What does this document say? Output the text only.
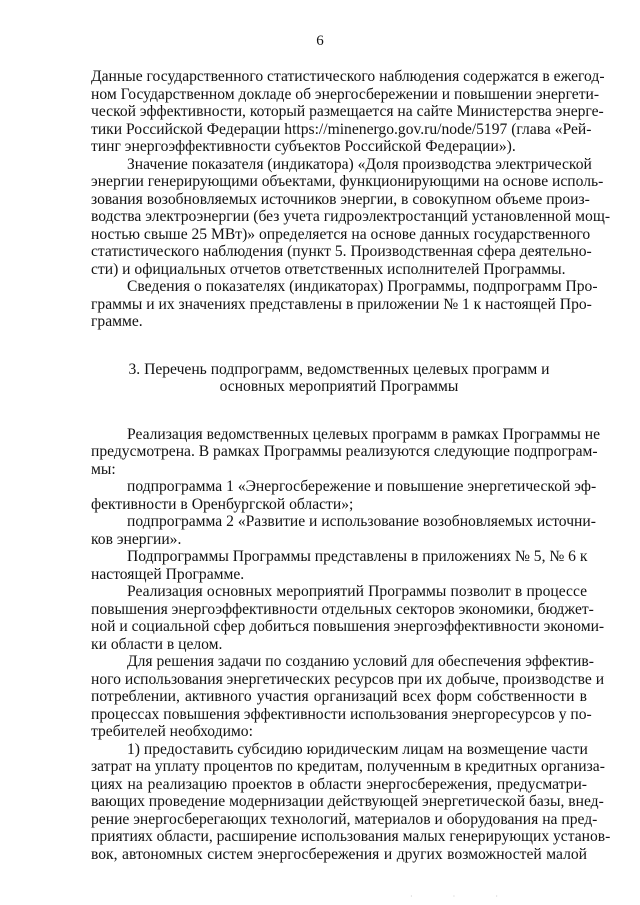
6

Данные государственного статистического наблюдения содержатся в ежегод-
ном Государственном докладе об энергосбережении и повышении энергети-
ческой эффективности, который размещается на сайте Министерства энерге-
тики Российской Федерации https://minenergo.gov.ru/node/5197 (глава «Рей-
тинг энергоэффективности субъектов Российской Федерации»).

Значение показателя (индикатора) «Доля производства электрической
энергии генерирующими объектами, функционирующими на основе исполь-
зования возобновляемых источников энергии, в совокупном объеме произ-
водства электроэнергии (без учета гидроэлектростанций установленной мощ-
ностью свыше 25 МВт)» определяется на основе данных государственного
статистического наблюдения (пункт 5. Производственная сфера деятельно-
сти) и официальных отчетов ответственных исполнителей Программы.

Сведения о показателях (индикаторах) Программы, подпрограмм Про-
граммы и их значениях представлены в приложении № 1 к настоящей Про-
грамме.

3. Перечень подпрограмм, ведомственных целевых программ и
основных мероприятий Программы

Реализация ведомственных целевых программ в рамках Программы не
предусмотрена. В рамках Программы реализуются следующие подпрограм-
мы:

подпрограмма 1 «Энергосбережение и повышение энергетической эф-
фективности в Оренбургской области»;

подпрограмма 2 «Развитие и использование возобновляемых источни-
ков энергии».

Подпрограммы Программы представлены в приложениях № 5, № 6 к
настоящей Программе.

Реализация основных мероприятий Программы позволит в процессе
повышения энергоэффективности отдельных секторов экономики, бюджет-
ной и социальной сфер добиться повышения энергоэффективности экономи-
ки области в целом.

Для решения задачи по созданию условий для обеспечения эффектив-
ного использования энергетических ресурсов при их добыче, производстве и
потреблении, активного участия организаций всех форм собственности в
процессах повышения эффективности использования энергоресурсов у по-
требителей необходимо:

1) предоставить субсидию юридическим лицам на возмещение части
затрат на уплату процентов по кредитам, полученным в кредитных организа-
циях на реализацию проектов в области энергосбережения, предусматри-
вающих проведение модернизации действующей энергетической базы, внед-
рение энергосберегающих технологий, материалов и оборудования на пред-
приятиях области, расширение использования малых генерирующих установ-
вок, автономных систем энергосбережения и других возможностей малой

···
